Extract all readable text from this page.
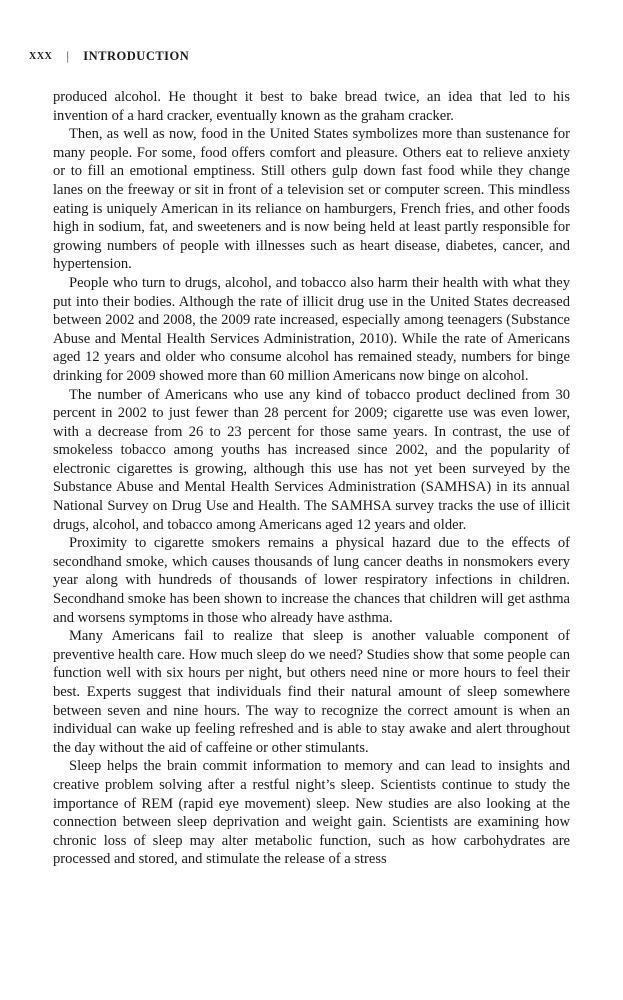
xxx | INTRODUCTION

produced alcohol. He thought it best to bake bread twice, an idea that led to his invention of a hard cracker, eventually known as the graham cracker.

Then, as well as now, food in the United States symbolizes more than sustenance for many people. For some, food offers comfort and pleasure. Others eat to relieve anxiety or to fill an emotional emptiness. Still others gulp down fast food while they change lanes on the freeway or sit in front of a television set or computer screen. This mindless eating is uniquely American in its reliance on hamburgers, French fries, and other foods high in sodium, fat, and sweeteners and is now being held at least partly responsible for growing numbers of people with illnesses such as heart disease, diabetes, cancer, and hypertension.

People who turn to drugs, alcohol, and tobacco also harm their health with what they put into their bodies. Although the rate of illicit drug use in the United States decreased between 2002 and 2008, the 2009 rate increased, especially among teenagers (Substance Abuse and Mental Health Services Administration, 2010). While the rate of Americans aged 12 years and older who consume alcohol has remained steady, numbers for binge drinking for 2009 showed more than 60 million Americans now binge on alcohol.

The number of Americans who use any kind of tobacco product declined from 30 percent in 2002 to just fewer than 28 percent for 2009; cigarette use was even lower, with a decrease from 26 to 23 percent for those same years. In contrast, the use of smokeless tobacco among youths has increased since 2002, and the popularity of electronic cigarettes is growing, although this use has not yet been surveyed by the Substance Abuse and Mental Health Services Administration (SAMHSA) in its annual National Survey on Drug Use and Health. The SAMHSA survey tracks the use of illicit drugs, alcohol, and tobacco among Americans aged 12 years and older.

Proximity to cigarette smokers remains a physical hazard due to the effects of secondhand smoke, which causes thousands of lung cancer deaths in nonsmokers every year along with hundreds of thousands of lower respiratory infections in children. Secondhand smoke has been shown to increase the chances that children will get asthma and worsens symptoms in those who already have asthma.

Many Americans fail to realize that sleep is another valuable component of preventive health care. How much sleep do we need? Studies show that some people can function well with six hours per night, but others need nine or more hours to feel their best. Experts suggest that individuals find their natural amount of sleep somewhere between seven and nine hours. The way to recognize the correct amount is when an individual can wake up feeling refreshed and is able to stay awake and alert throughout the day without the aid of caffeine or other stimulants.

Sleep helps the brain commit information to memory and can lead to insights and creative problem solving after a restful night’s sleep. Scientists continue to study the importance of REM (rapid eye movement) sleep. New studies are also looking at the connection between sleep deprivation and weight gain. Scientists are examining how chronic loss of sleep may alter metabolic function, such as how carbohydrates are processed and stored, and stimulate the release of a stress
